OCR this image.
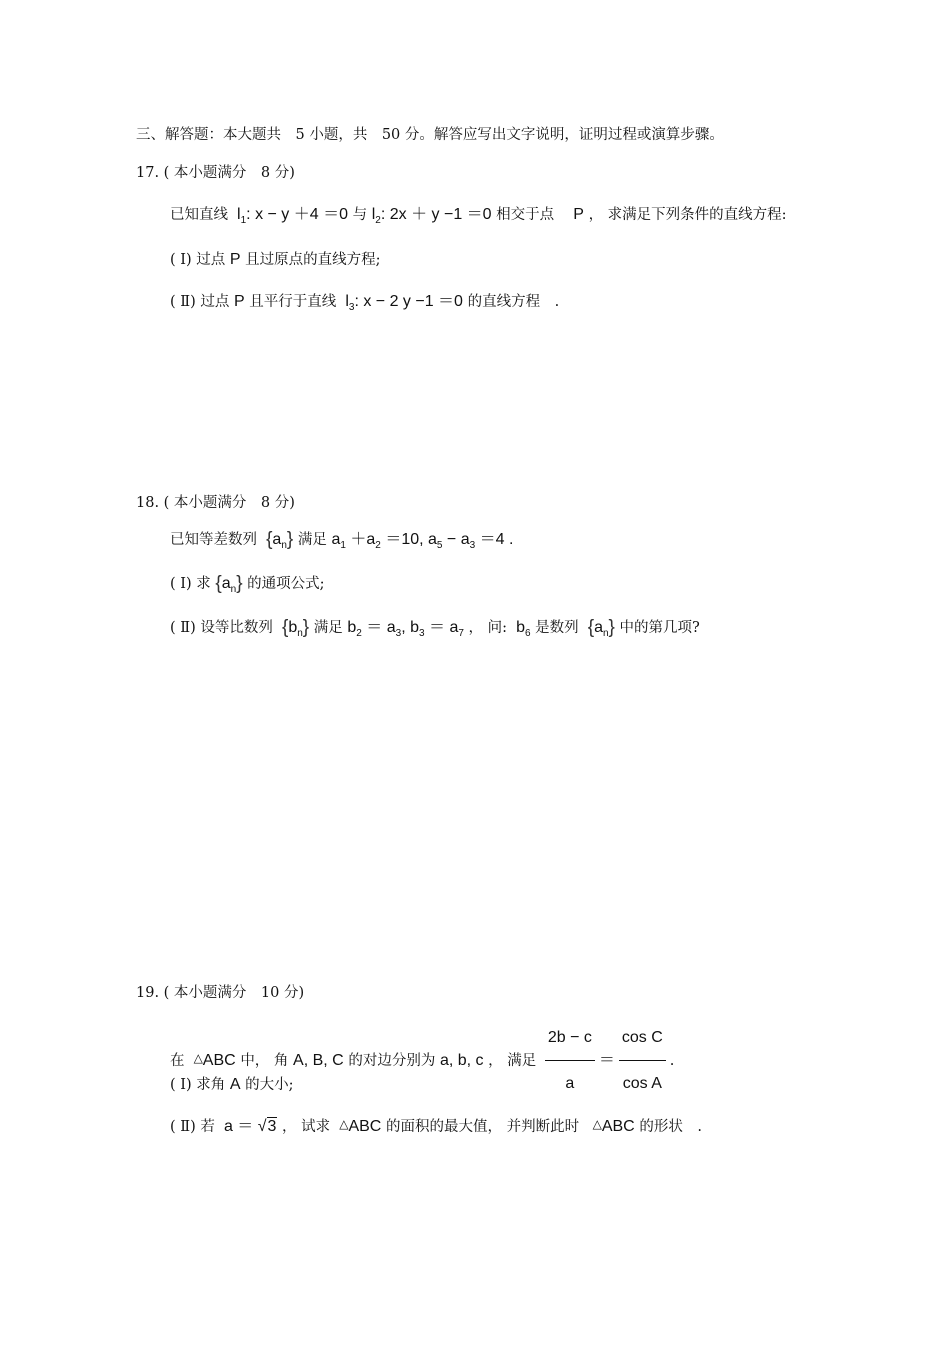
三、解答题：本大题共　5 小题，共　50 分。解答应写出文字说明，证明过程或演算步骤。
17. ( 本小题满分　8 分)
已知直线  $l_1$: x − y ＋4 ＝0 与 $l_2$: 2x ＋ y −1 ＝0 相交于点　 P ， 求满足下列条件的直线方程:
( Ⅰ) 过点 P 且过原点的直线方程;
( Ⅱ) 过点 P 且平行于直线  $l_3$: x − 2 y −1 ＝0 的直线方程　.
18. ( 本小题满分　8 分)
已知等差数列 $\{a_n\}$ 满足 $a_1 +a_2 =10$, $a_5 - a_3 =4$ .
( Ⅰ) 求 $\{a_n\}$ 的通项公式;
( Ⅱ) 设等比数列 $\{b_n\}$ 满足 $b_2 = a_3$, $b_3 = a_7$ ， 问:  $b_6$ 是数列 $\{a_n\}$ 中的第几项?
19. ( 本小题满分　10 分)
在 △ABC 中， 角 A, B, C 的对边分别为 a, b, c ， 满足 $\frac{2b - c}{a} = \frac{\text{cos C}}{\text{cos A}}$ .
( Ⅰ) 求角 A 的大小;
( Ⅱ) 若  a ＝ √3 ， 试求 △ABC 的面积的最大值， 并判断此时 △ABC 的形状　.
